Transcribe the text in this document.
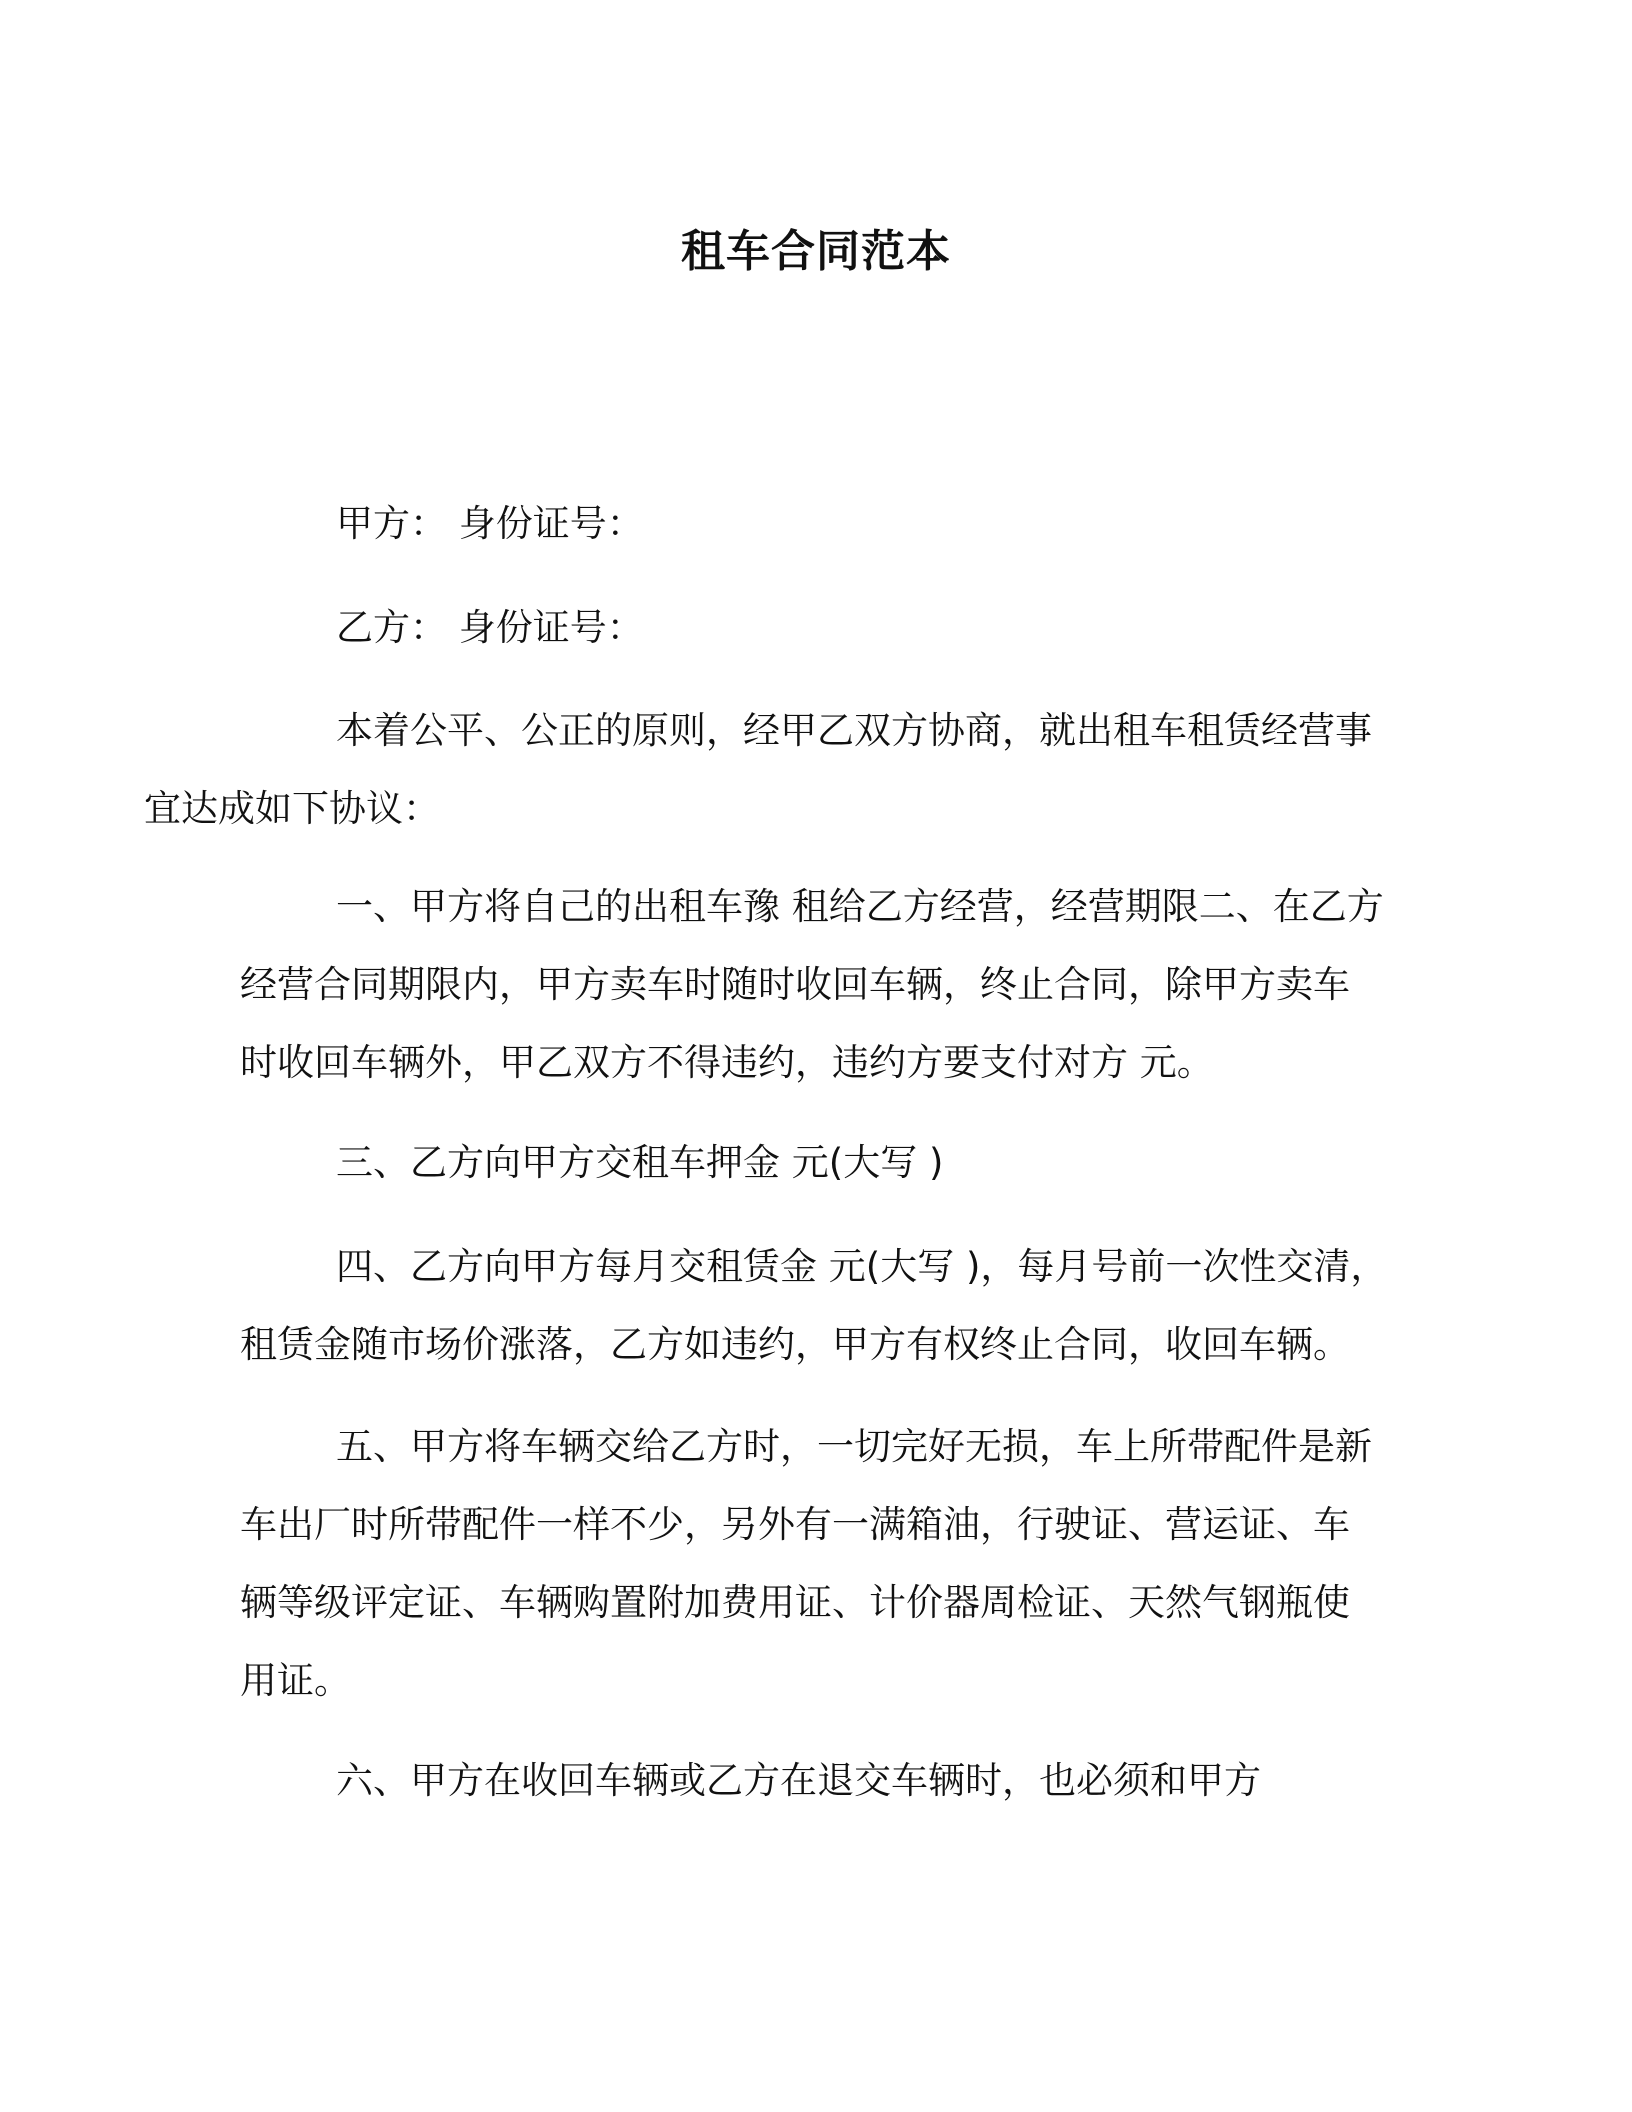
租车合同范本
甲方： 身份证号：
乙方： 身份证号：
本着公平、公正的原则，经甲乙双方协商，就出租车租赁经营事
宜达成如下协议：
一、甲方将自己的出租车豫 租给乙方经营，经营期限二、在乙方
经营合同期限内，甲方卖车时随时收回车辆，终止合同，除甲方卖车
时收回车辆外，甲乙双方不得违约，违约方要支付对方 元。
三、乙方向甲方交租车押金 元(大写 )
四、乙方向甲方每月交租赁金 元(大写 )，每月号前一次性交清，
租赁金随市场价涨落，乙方如违约，甲方有权终止合同，收回车辆。
五、甲方将车辆交给乙方时，一切完好无损，车上所带配件是新
车出厂时所带配件一样不少，另外有一满箱油，行驶证、营运证、车
辆等级评定证、车辆购置附加费用证、计价器周检证、天然气钢瓶使
用证。
六、甲方在收回车辆或乙方在退交车辆时，也必须和甲方
